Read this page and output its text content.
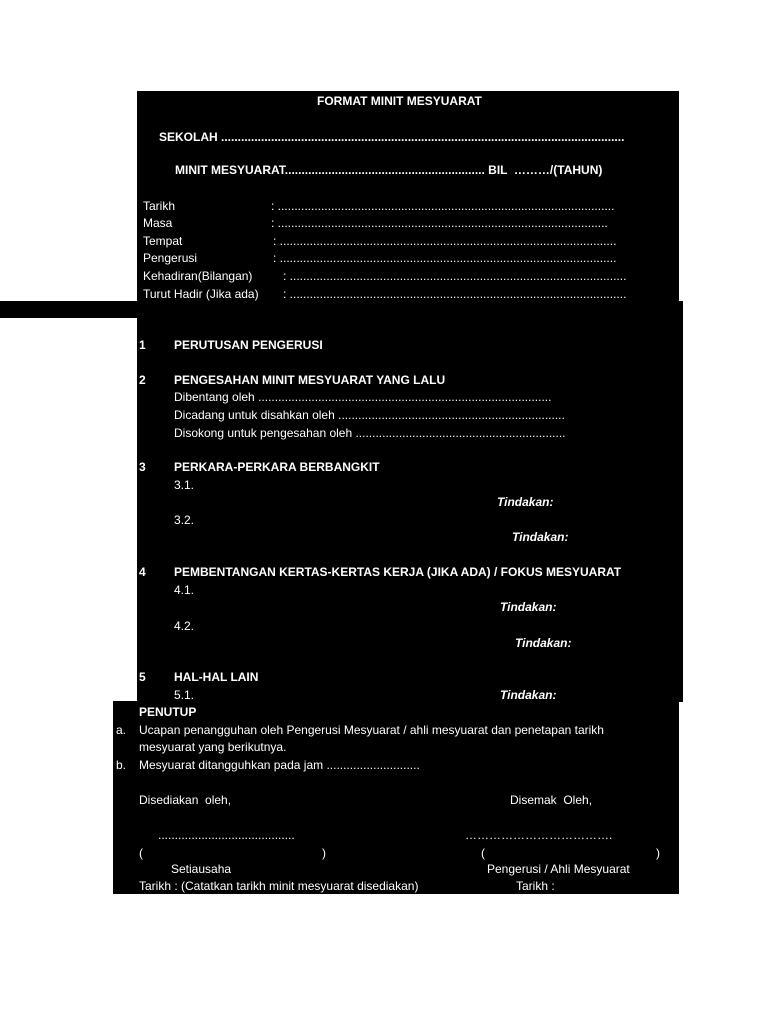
FORMAT MINIT MESYUARAT
SEKOLAH .........................................................................................................................
MINIT MESYUARAT............................................................ BIL  ………/(TAHUN)
Tarikh	: .....................................................................................................
Masa	: ...................................................................................................
Tempat	: .....................................................................................................
Pengerusi	: .....................................................................................................
Kehadiran(Bilangan)	: .....................................................................................................
Turut Hadir (Jika ada) : .....................................................................................................
1 PERUTUSAN PENGERUSI
2 PENGESAHAN MINIT MESYUARAT YANG LALU
Dibentang oleh ........................................................................................
Dicadang untuk disahkan oleh ....................................................................
Disokong untuk pengesahan oleh ...............................................................
3 PERKARA-PERKARA BERBANGKIT
3.1.
Tindakan:
3.2.
Tindakan:
4 PEMBENTANGAN KERTAS-KERTAS KERJA (JIKA ADA) / FOKUS MESYUARAT
4.1.
Tindakan:
4.2.
Tindakan:
5 HAL-HAL LAIN
5.1.	Tindakan:
PENUTUP
a. Ucapan penangguhan oleh Pengerusi Mesyuarat / ahli mesyuarat dan penetapan tarikh
mesyuarat yang berikutnya.
b. Mesyuarat ditangguhkan pada jam ............................
Disediakan  oleh,	Disemak  Oleh,
.........................................	……………………………….
(	)	(	)
Setiausaha	Pengerusi / Ahli Mesyuarat
Tarikh : (Catatkan tarikh minit mesyuarat disediakan)	Tarikh :
